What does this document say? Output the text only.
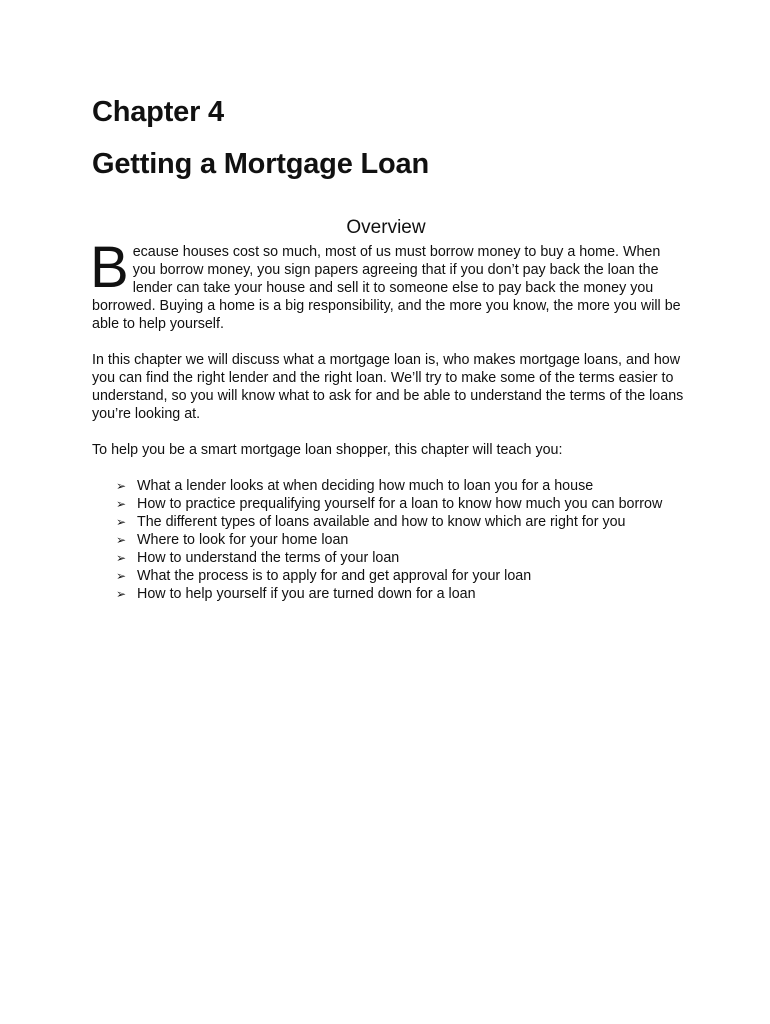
Chapter 4
Getting a Mortgage Loan
Overview

Because houses cost so much, most of us must borrow money to buy a home. When you borrow money, you sign papers agreeing that if you don’t pay back the loan the lender can take your house and sell it to someone else to pay back the money you borrowed. Buying a home is a big responsibility, and the more you know, the more you will be able to help yourself.

In this chapter we will discuss what a mortgage loan is, who makes mortgage loans, and how you can find the right lender and the right loan. We’ll try to make some of the terms easier to understand, so you will know what to ask for and be able to understand the terms of the loans you’re looking at.

To help you be a smart mortgage loan shopper, this chapter will teach you:

➢ What a lender looks at when deciding how much to loan you for a house
➢ How to practice prequalifying yourself for a loan to know how much you can borrow
➢ The different types of loans available and how to know which are right for you
➢ Where to look for your home loan
➢ How to understand the terms of your loan
➢ What the process is to apply for and get approval for your loan
➢ How to help yourself if you are turned down for a loan
